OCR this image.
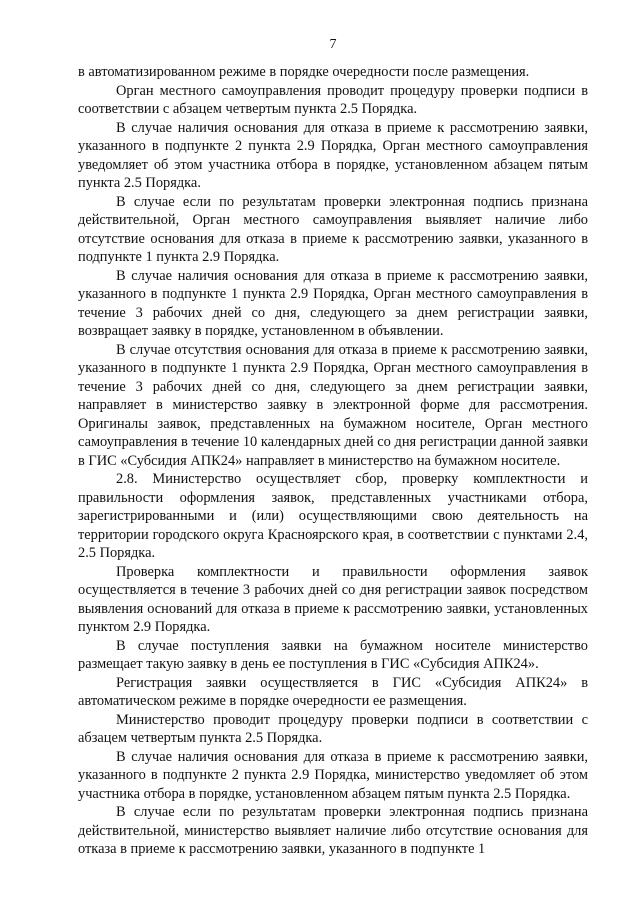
7

в автоматизированном режиме в порядке очередности после размещения.

Орган местного самоуправления проводит процедуру проверки подписи в соответствии с абзацем четвертым пункта 2.5 Порядка.

В случае наличия основания для отказа в приеме к рассмотрению заявки, указанного в подпункте 2 пункта 2.9 Порядка, Орган местного самоуправления уведомляет об этом участника отбора в порядке, установленном абзацем пятым пункта 2.5 Порядка.

В случае если по результатам проверки электронная подпись признана действительной, Орган местного самоуправления выявляет наличие либо отсутствие основания для отказа в приеме к рассмотрению заявки, указанного в подпункте 1 пункта 2.9 Порядка.

В случае наличия основания для отказа в приеме к рассмотрению заявки, указанного в подпункте 1 пункта 2.9 Порядка, Орган местного самоуправления в течение 3 рабочих дней со дня, следующего за днем регистрации заявки, возвращает заявку в порядке, установленном в объявлении.

В случае отсутствия основания для отказа в приеме к рассмотрению заявки, указанного в подпункте 1 пункта 2.9 Порядка, Орган местного самоуправления в течение 3 рабочих дней со дня, следующего за днем регистрации заявки, направляет в министерство заявку в электронной форме для рассмотрения. Оригиналы заявок, представленных на бумажном носителе, Орган местного самоуправления в течение 10 календарных дней со дня регистрации данной заявки в ГИС «Субсидия АПК24» направляет в министерство на бумажном носителе.

2.8. Министерство осуществляет сбор, проверку комплектности и правильности оформления заявок, представленных участниками отбора, зарегистрированными и (или) осуществляющими свою деятельность на территории городского округа Красноярского края, в соответствии с пунктами 2.4, 2.5 Порядка.

Проверка комплектности и правильности оформления заявок осуществляется в течение 3 рабочих дней со дня регистрации заявок посредством выявления оснований для отказа в приеме к рассмотрению заявки, установленных пунктом 2.9 Порядка.

В случае поступления заявки на бумажном носителе министерство размещает такую заявку в день ее поступления в ГИС «Субсидия АПК24».

Регистрация заявки осуществляется в ГИС «Субсидия АПК24» в автоматическом режиме в порядке очередности ее размещения.

Министерство проводит процедуру проверки подписи в соответствии с абзацем четвертым пункта 2.5 Порядка.

В случае наличия основания для отказа в приеме к рассмотрению заявки, указанного в подпункте 2 пункта 2.9 Порядка, министерство уведомляет об этом участника отбора в порядке, установленном абзацем пятым пункта 2.5 Порядка.

В случае если по результатам проверки электронная подпись признана действительной, министерство выявляет наличие либо отсутствие основания для отказа в приеме к рассмотрению заявки, указанного в подпункте 1
